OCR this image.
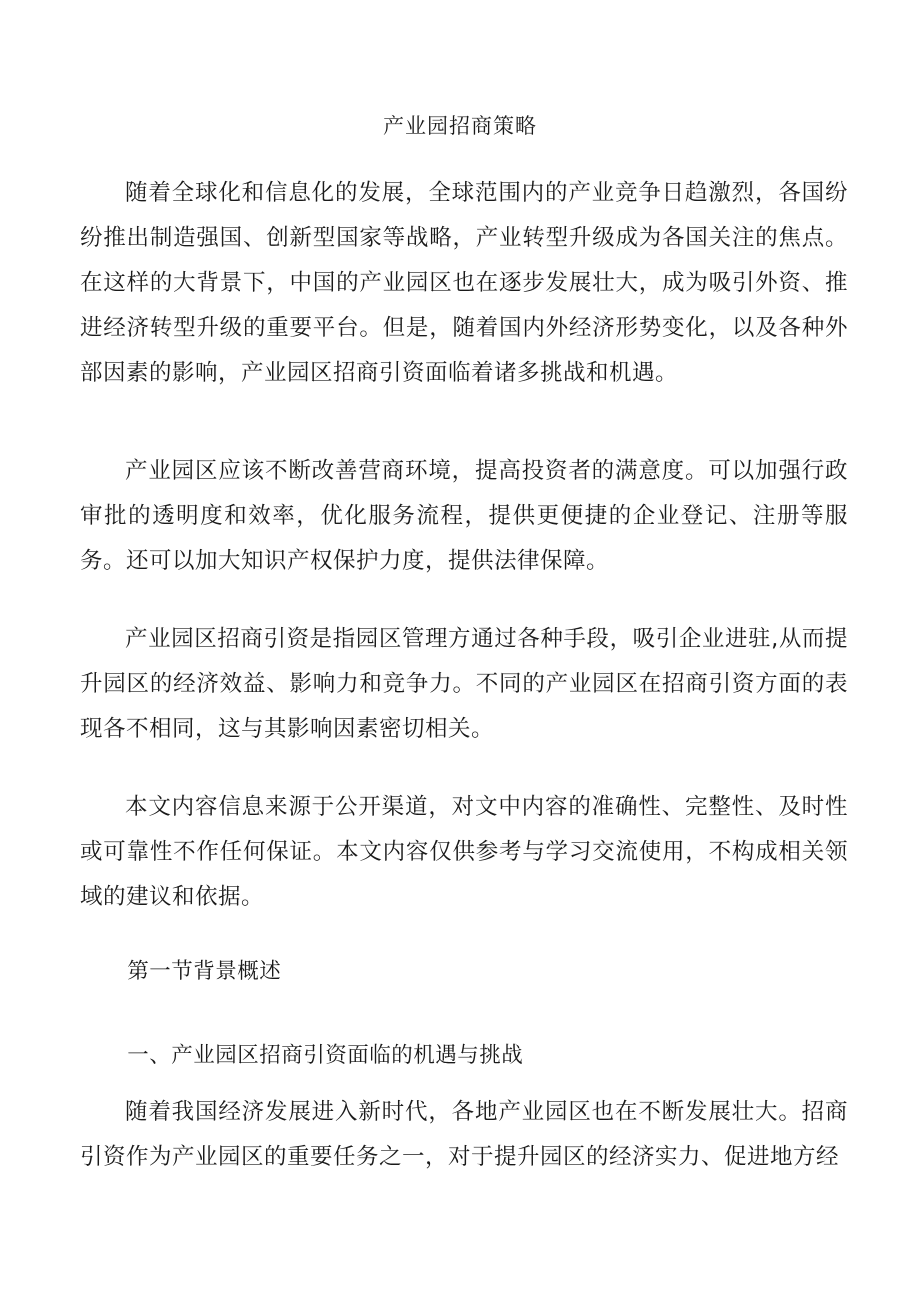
产业园招商策略

随着全球化和信息化的发展，全球范围内的产业竞争日趋激烈，各国纷纷推出制造强国、创新型国家等战略，产业转型升级成为各国关注的焦点。在这样的大背景下，中国的产业园区也在逐步发展壮大，成为吸引外资、推进经济转型升级的重要平台。但是，随着国内外经济形势变化，以及各种外部因素的影响，产业园区招商引资面临着诸多挑战和机遇。

产业园区应该不断改善营商环境，提高投资者的满意度。可以加强行政审批的透明度和效率，优化服务流程，提供更便捷的企业登记、注册等服务。还可以加大知识产权保护力度，提供法律保障。

产业园区招商引资是指园区管理方通过各种手段，吸引企业进驻,从而提升园区的经济效益、影响力和竞争力。不同的产业园区在招商引资方面的表现各不相同，这与其影响因素密切相关。

本文内容信息来源于公开渠道，对文中内容的准确性、完整性、及时性或可靠性不作任何保证。本文内容仅供参考与学习交流使用，不构成相关领域的建议和依据。

第一节背景概述
一、产业园区招商引资面临的机遇与挑战

随着我国经济发展进入新时代，各地产业园区也在不断发展壮大。招商引资作为产业园区的重要任务之一，对于提升园区的经济实力、促进地方经
